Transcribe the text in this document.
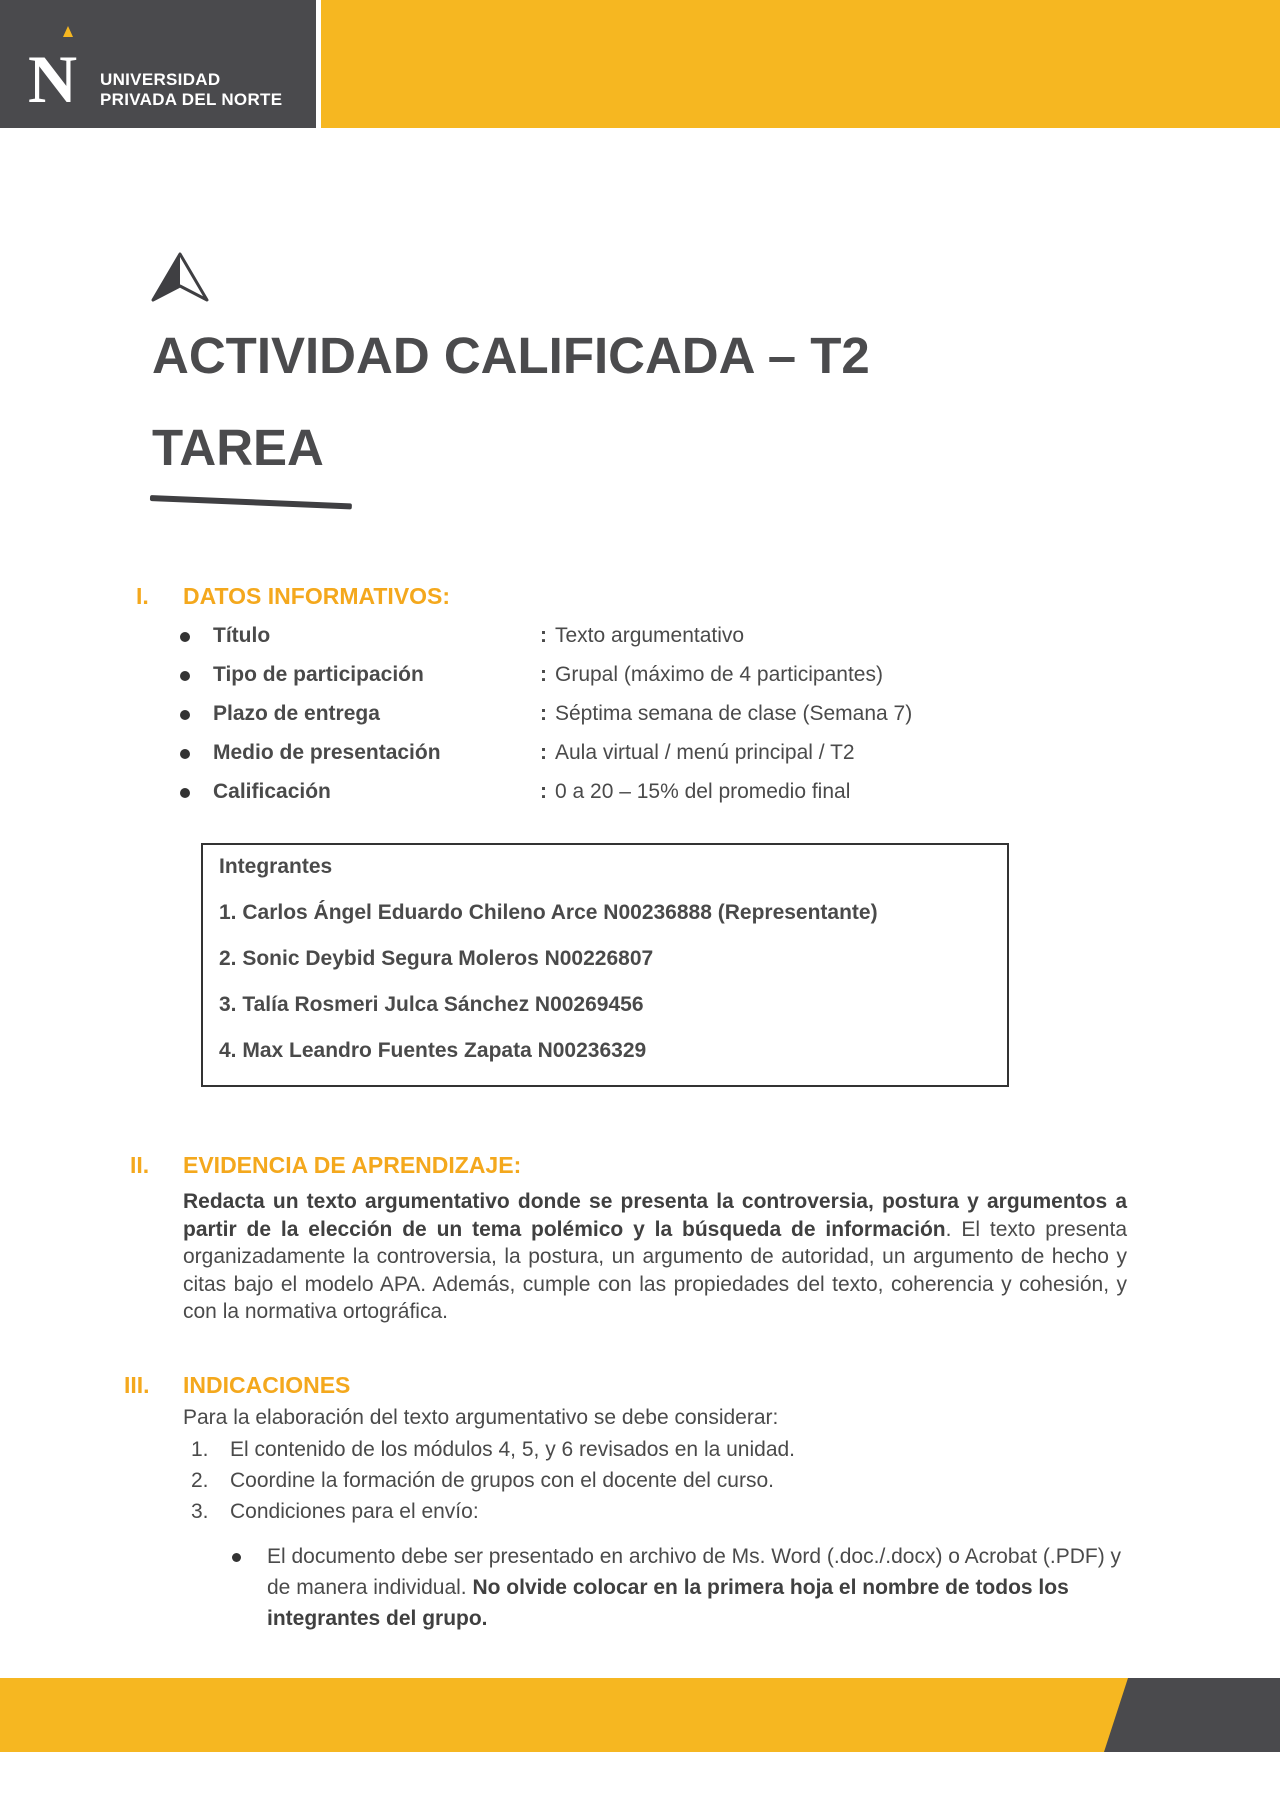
N UNIVERSIDAD
PRIVADA DEL NORTE
ACTIVIDAD CALIFICADA – T2
TAREA
I. DATOS INFORMATIVOS:
Título	: Texto argumentativo
Tipo de participación	: Grupal (máximo de 4 participantes)
Plazo de entrega	: Séptima semana de clase (Semana 7)
Medio de presentación	: Aula virtual / menú principal / T2
Calificación	: 0 a 20 – 15% del promedio final
Integrantes
1. Carlos Ángel Eduardo Chileno Arce N00236888 (Representante)
2. Sonic Deybid Segura Moleros N00226807
3. Talía Rosmeri Julca Sánchez N00269456
4. Max Leandro Fuentes Zapata N00236329
II. EVIDENCIA DE APRENDIZAJE:
Redacta un texto argumentativo donde se presenta la controversia, postura y argumentos a partir de la elección de un tema polémico y la búsqueda de información. El texto presenta organizadamente la controversia, la postura, un argumento de autoridad, un argumento de hecho y citas bajo el modelo APA. Además, cumple con las propiedades del texto, coherencia y cohesión, y con la normativa ortográfica.
III. INDICACIONES
Para la elaboración del texto argumentativo se debe considerar:
1. El contenido de los módulos 4, 5, y 6 revisados en la unidad.
2. Coordine la formación de grupos con el docente del curso.
3. Condiciones para el envío:
El documento debe ser presentado en archivo de Ms. Word (.doc./.docx) o Acrobat (.PDF) y de manera individual. No olvide colocar en la primera hoja el nombre de todos los integrantes del grupo.
